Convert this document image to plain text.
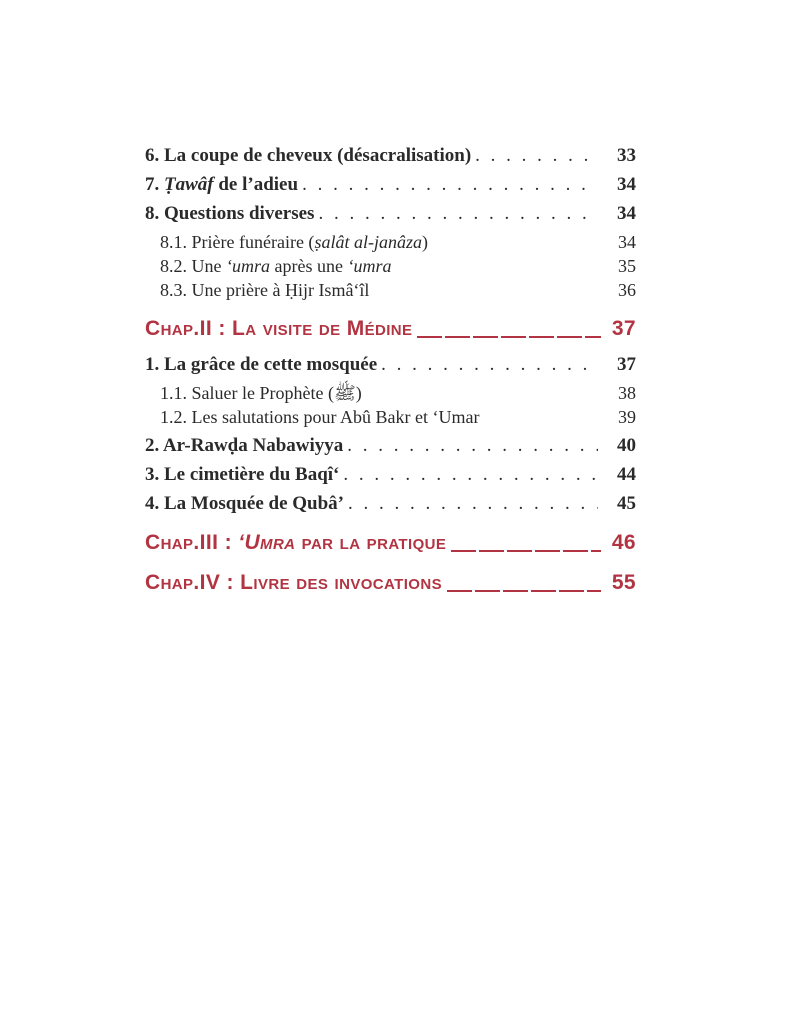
6. La coupe de cheveux (désacralisation) . . .	33
7. Ṭawâf de l’adieu . . .	34
8. Questions diverses . . .	34
8.1. Prière funéraire (ṣalât al-janâza)	34
8.2. Une ‘umra après une ‘umra	35
8.3. Une prière à Ḥijr Ismâ‘îl	36
Chap.II : La visite de Médine	37
1. La grâce de cette mosquée . . .	37
1.1. Saluer le Prophète (ﷺ)	38
1.2. Les salutations pour Abû Bakr et ‘Umar	39
2. Ar-Rawḍa Nabawiyya . . .	40
3. Le cimetière du Baqî‘ . . .	44
4. La Mosquée de Qubâ’ . . .	45
Chap.III : ‘Umra par la pratique	46
Chap.IV : Livre des invocations	55
